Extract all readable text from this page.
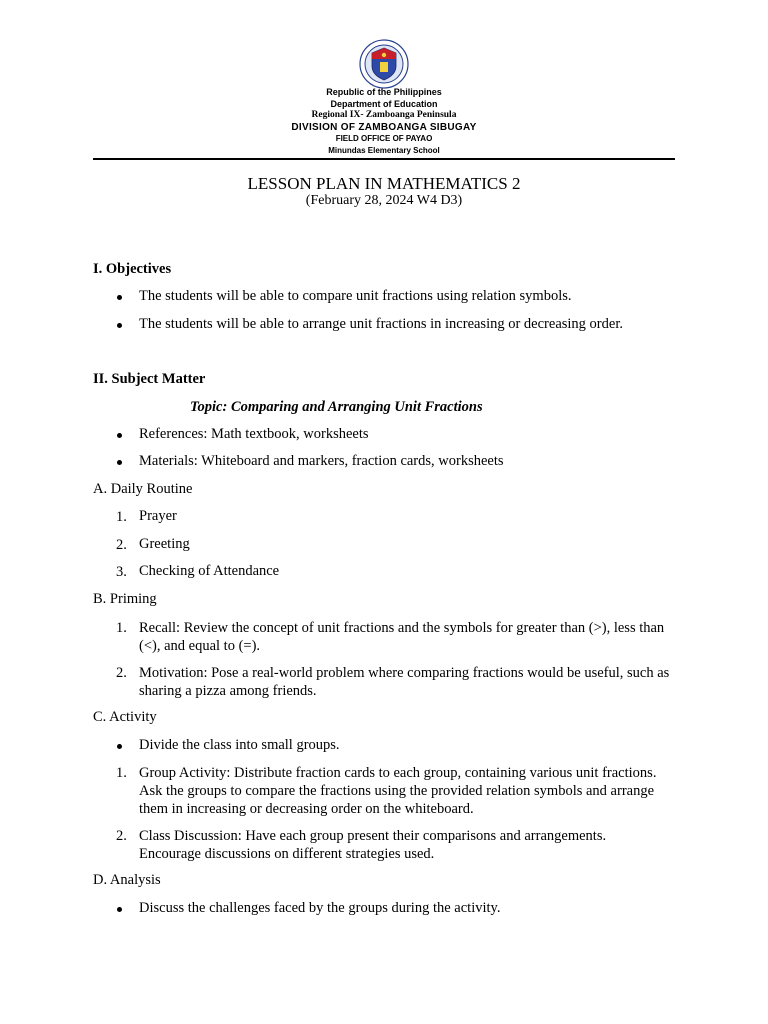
Republic of the Philippines
Department of Education
Regional IX- Zamboanga Peninsula
DIVISION OF ZAMBOANGA SIBUGAY
FIELD OFFICE OF PAYAO
Minundas Elementary School
LESSON PLAN IN MATHEMATICS 2
(February 28, 2024 W4 D3)
I. Objectives
The students will be able to compare unit fractions using relation symbols.
The students will be able to arrange unit fractions in increasing or decreasing order.
II. Subject Matter
Topic: Comparing and Arranging Unit Fractions
References: Math textbook, worksheets
Materials: Whiteboard and markers, fraction cards, worksheets
A. Daily Routine
1. Prayer
2. Greeting
3. Checking of Attendance
B. Priming
1. Recall: Review the concept of unit fractions and the symbols for greater than (>), less than (<), and equal to (=).
2. Motivation: Pose a real-world problem where comparing fractions would be useful, such as sharing a pizza among friends.
C. Activity
Divide the class into small groups.
1. Group Activity: Distribute fraction cards to each group, containing various unit fractions. Ask the groups to compare the fractions using the provided relation symbols and arrange them in increasing or decreasing order on the whiteboard.
2. Class Discussion: Have each group present their comparisons and arrangements. Encourage discussions on different strategies used.
D. Analysis
Discuss the challenges faced by the groups during the activity.
